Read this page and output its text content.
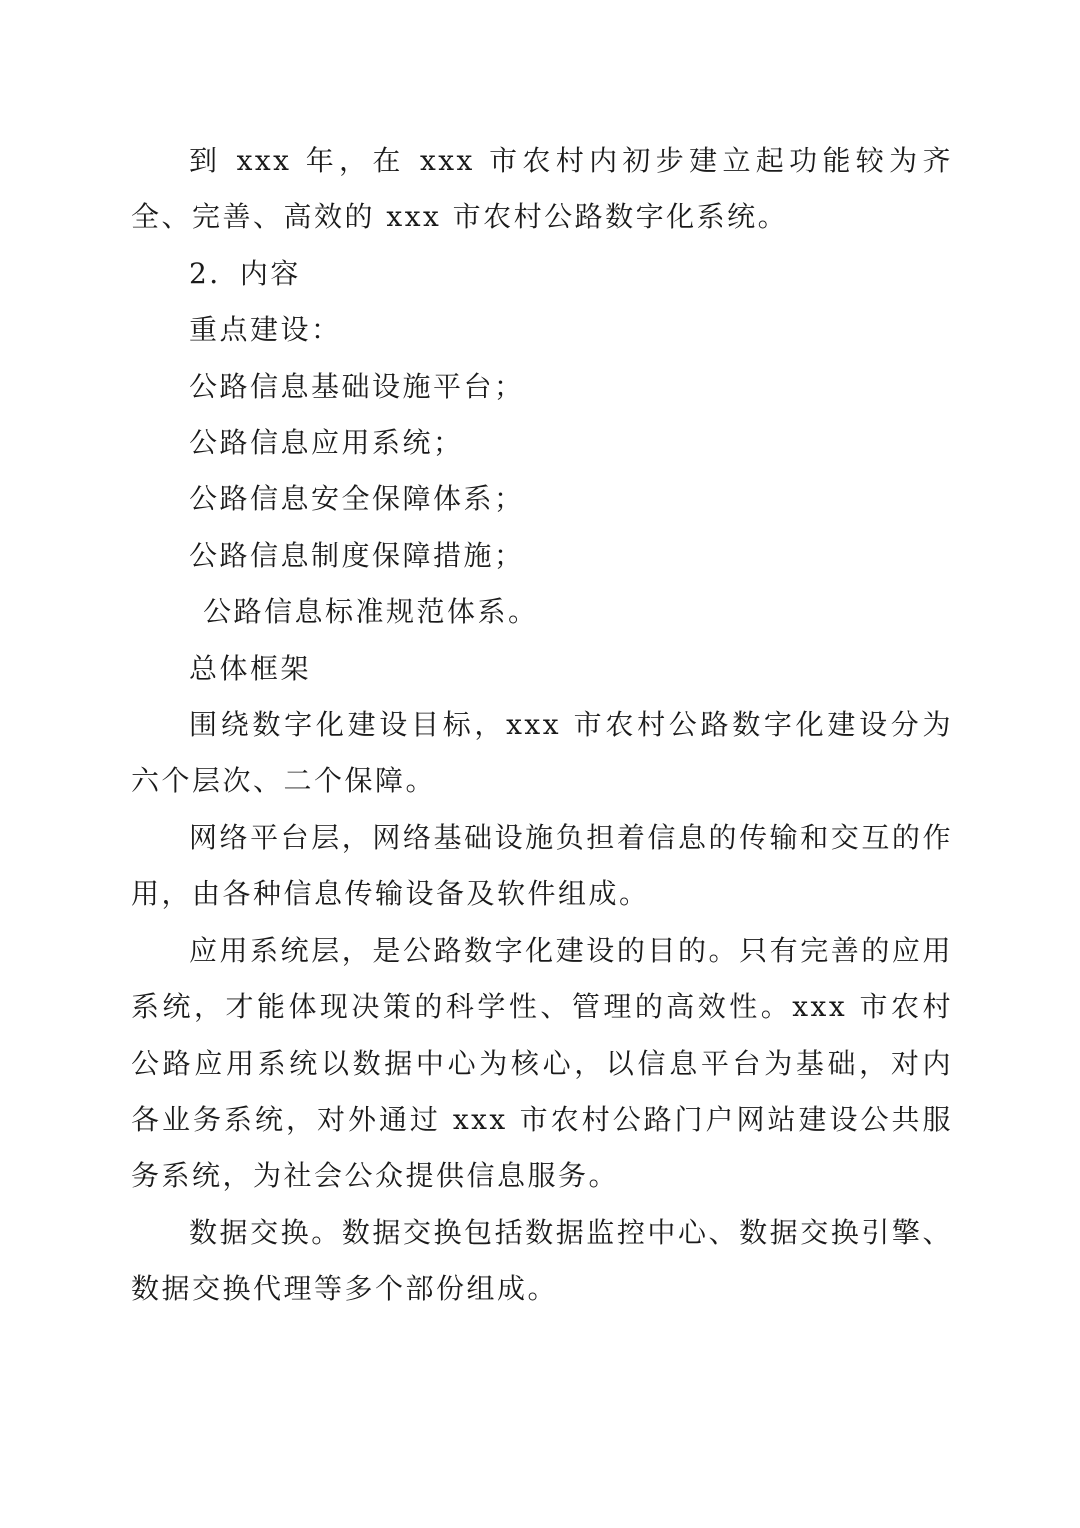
到 xxx 年，在 xxx 市农村内初步建立起功能较为齐全、完善、高效的 xxx 市农村公路数字化系统。

2．内容

重点建设：

公路信息基础设施平台；

公路信息应用系统；

公路信息安全保障体系；

公路信息制度保障措施；

公路信息标准规范体系。

总体框架

围绕数字化建设目标，xxx 市农村公路数字化建设分为六个层次、二个保障。

网络平台层，网络基础设施负担着信息的传输和交互的作用，由各种信息传输设备及软件组成。

应用系统层，是公路数字化建设的目的。只有完善的应用系统，才能体现决策的科学性、管理的高效性。xxx 市农村公路应用系统以数据中心为核心，以信息平台为基础，对内各业务系统，对外通过 xxx 市农村公路门户网站建设公共服务系统，为社会公众提供信息服务。

数据交换。数据交换包括数据监控中心、数据交换引擎、数据交换代理等多个部份组成。
